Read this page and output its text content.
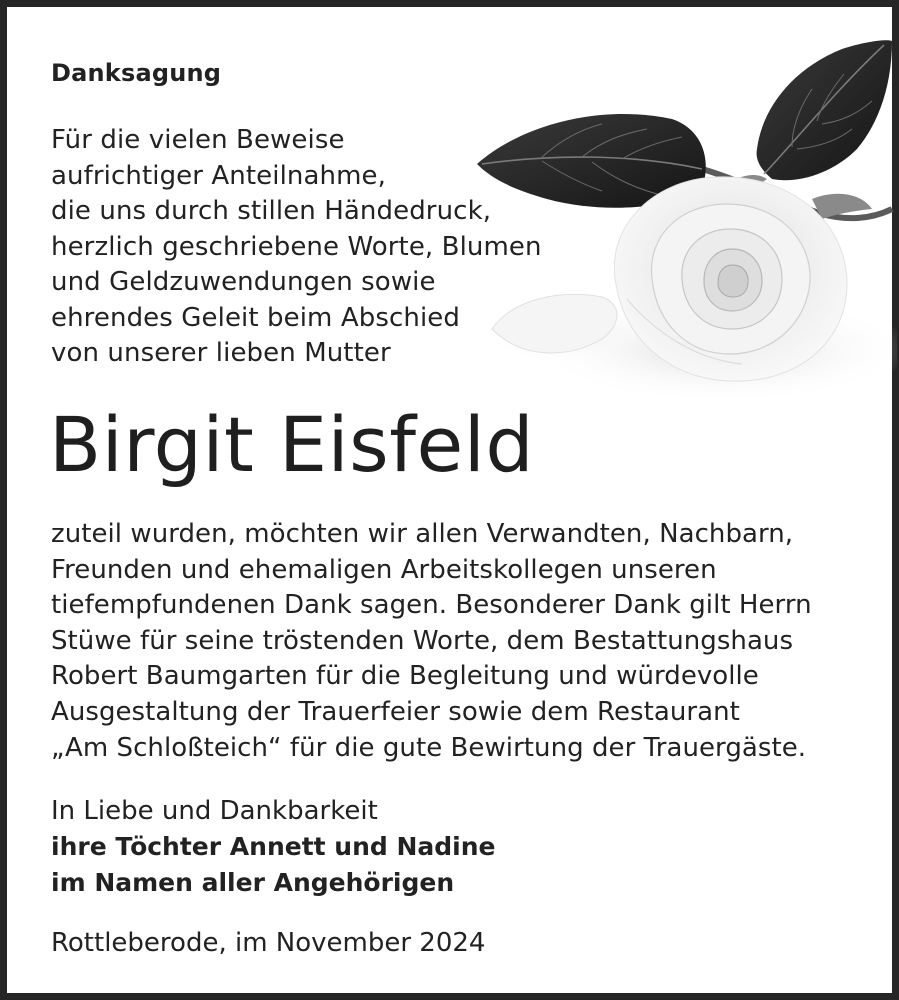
Danksagung
Für die vielen Beweise
aufrichtiger Anteilnahme,
die uns durch stillen Händedruck,
herzlich geschriebene Worte, Blumen
und Geldzuwendungen sowie
ehrendes Geleit beim Abschied
von unserer lieben Mutter
Birgit Eisfeld
zuteil wurden, möchten wir allen Verwandten, Nachbarn,
Freunden und ehemaligen Arbeitskollegen unseren
tiefempfundenen Dank sagen. Besonderer Dank gilt Herrn
Stüwe für seine tröstenden Worte, dem Bestattungshaus
Robert Baumgarten für die Begleitung und würdevolle
Ausgestaltung der Trauerfeier sowie dem Restaurant
„Am Schloßteich“ für die gute Bewirtung der Trauergäste.
In Liebe und Dankbarkeit
ihre Töchter Annett und Nadine
im Namen aller Angehörigen
Rottleberode, im November 2024
